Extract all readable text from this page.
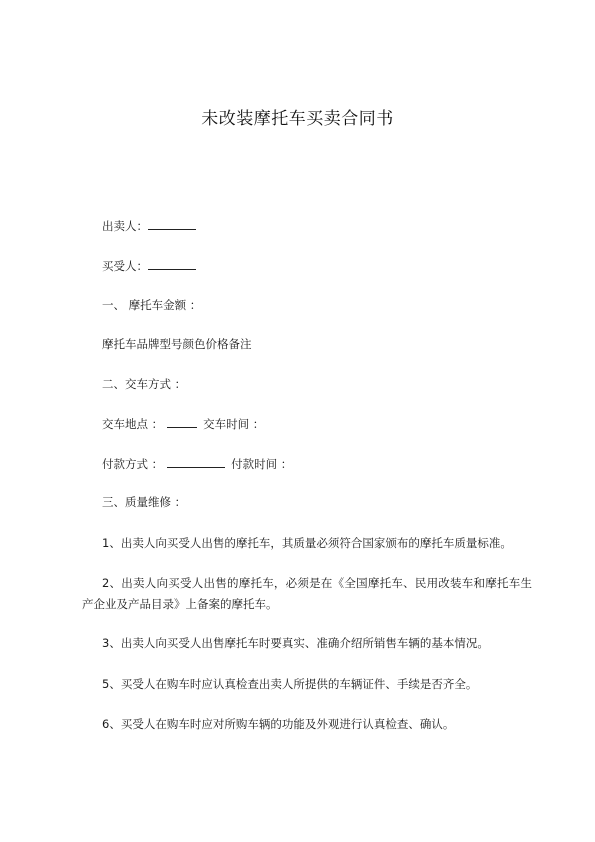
未改装摩托车买卖合同书
出卖人：
买受人：
一、 摩托车金额 ：
摩托车品牌型号颜色价格备注
二、交车方式 ：
交车地点 ：	交车时间 ：
付款方式 ：	付款时间 ：
三、质量维修 ：
1、出卖人向买受人出售的摩托车，其质量必须符合国家颁布的摩托车质量标准。
2、出卖人向买受人出售的摩托车，必须是在《全国摩托车、民用改装车和摩托车生产企业及产品目录》上备案的摩托车。
3、出卖人向买受人出售摩托车时要真实、准确介绍所销售车辆的基本情况。
5、买受人在购车时应认真检查出卖人所提供的车辆证件、手续是否齐全。
6、买受人在购车时应对所购车辆的功能及外观进行认真检查、确认。
